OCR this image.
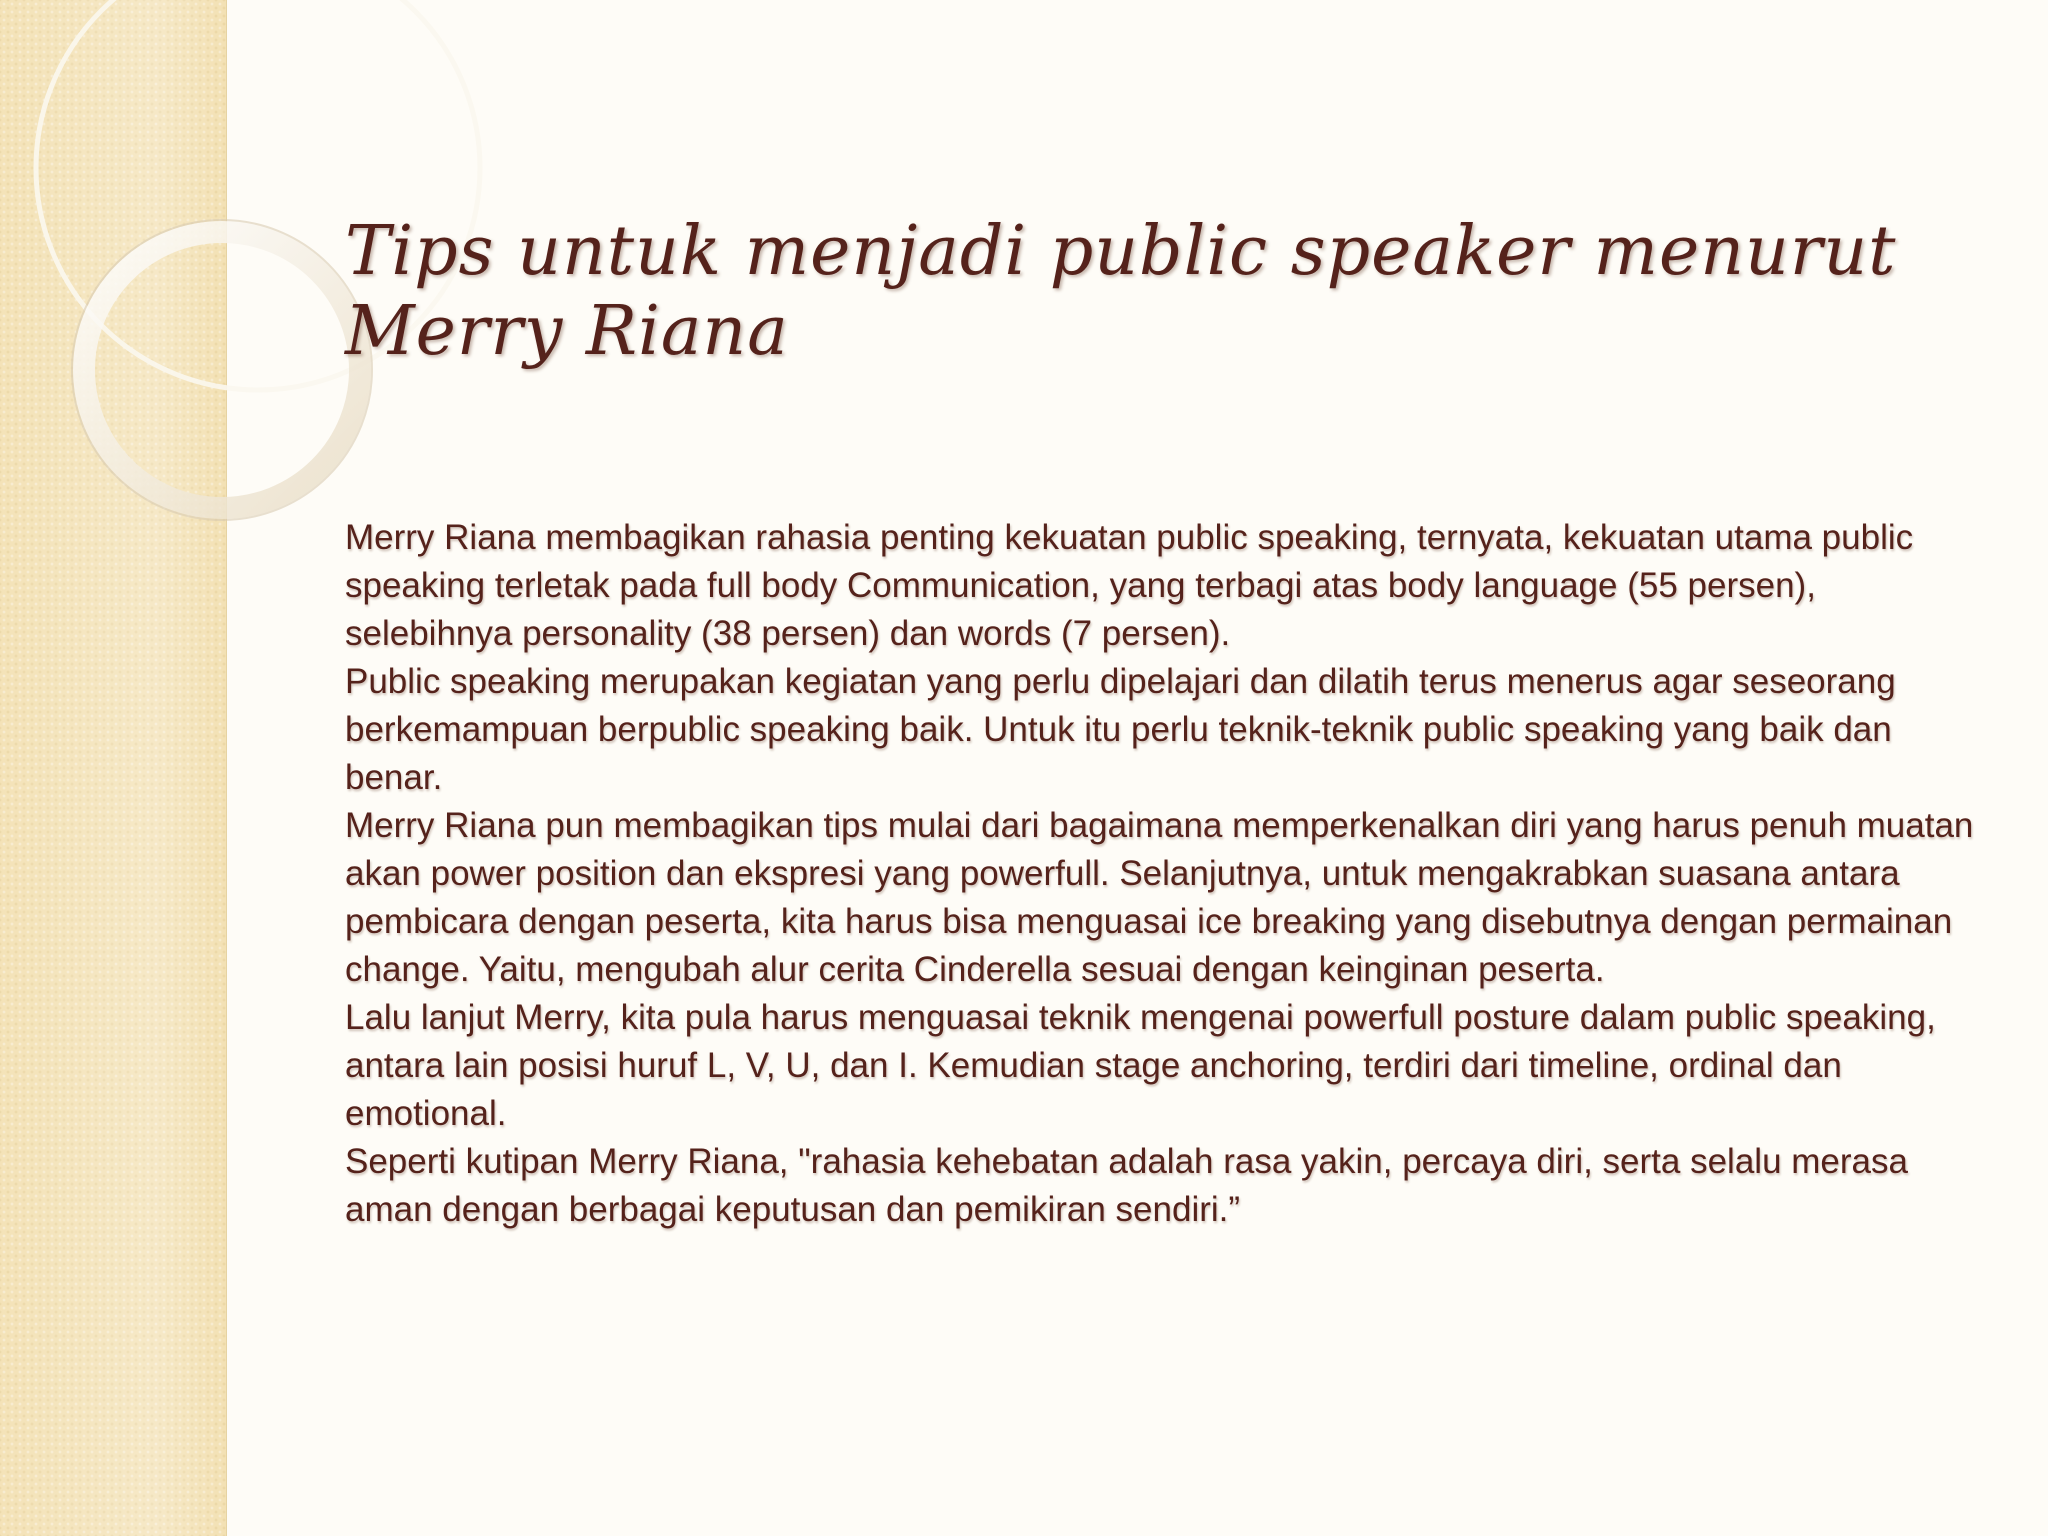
Tips untuk menjadi public speaker menurut Merry Riana

Merry Riana membagikan rahasia penting kekuatan public speaking, ternyata, kekuatan utama public speaking terletak pada full body Communication, yang terbagi atas body language (55 persen), selebihnya personality (38 persen) dan words (7 persen).

Public speaking merupakan kegiatan yang perlu dipelajari dan dilatih terus menerus agar seseorang berkemampuan berpublic speaking baik. Untuk itu perlu teknik-teknik public speaking yang baik dan benar.

Merry Riana pun membagikan tips mulai dari bagaimana memperkenalkan diri yang harus penuh muatan akan power position dan ekspresi yang powerfull. Selanjutnya, untuk mengakrabkan suasana antara pembicara dengan peserta, kita harus bisa menguasai ice breaking yang disebutnya dengan permainan change. Yaitu, mengubah alur cerita Cinderella sesuai dengan keinginan peserta.

Lalu lanjut Merry, kita pula harus menguasai teknik mengenai powerfull posture dalam public speaking, antara lain posisi huruf L, V, U, dan I. Kemudian stage anchoring, terdiri dari timeline, ordinal dan emotional.

Seperti kutipan Merry Riana, "rahasia kehebatan adalah rasa yakin, percaya diri, serta selalu merasa aman dengan berbagai keputusan dan pemikiran sendiri.”
